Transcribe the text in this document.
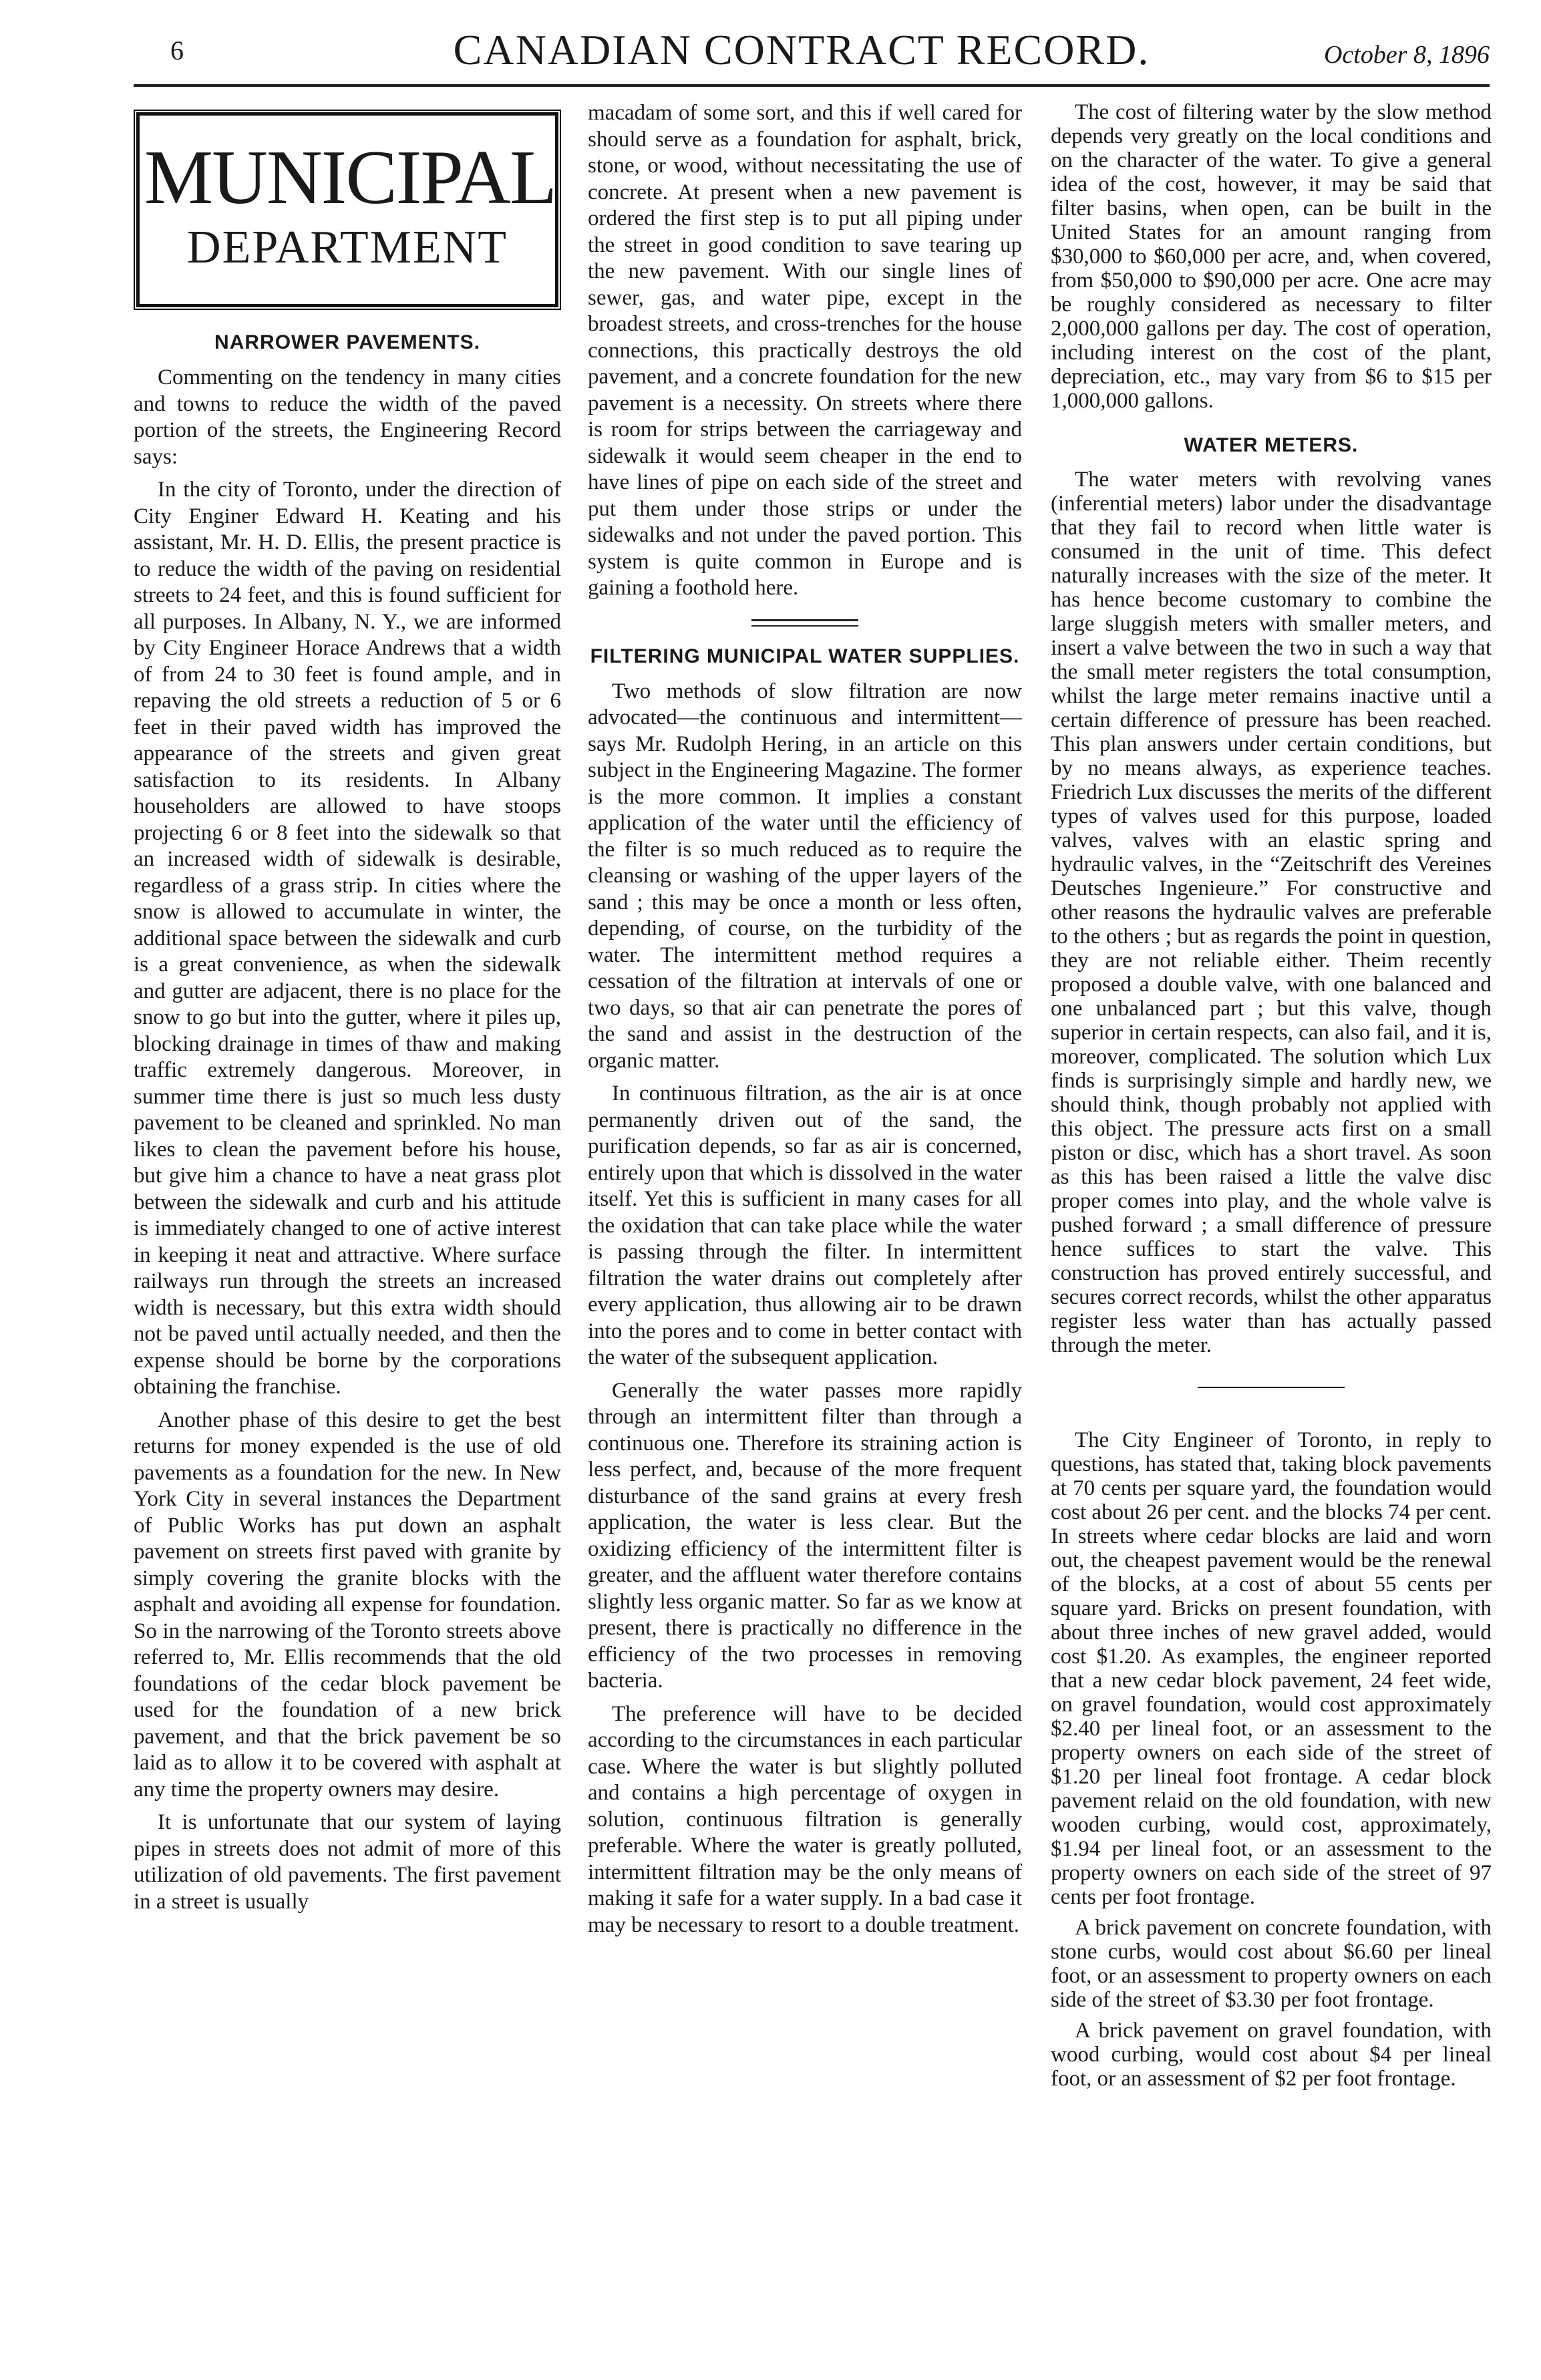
6	CANADIAN CONTRACT RECORD.	October 8, 1896
MUNICIPAL
DEPARTMENT
NARROWER PAVEMENTS.

Commenting on the tendency in many cities and towns to reduce the width of the paved portion of the streets, the Engineering Record says:

In the city of Toronto, under the direction of City Enginer Edward H. Keating and his assistant, Mr. H. D. Ellis, the present practice is to reduce the width of the paving on residential streets to 24 feet, and this is found sufficient for all purposes. In Albany, N. Y., we are informed by City Engineer Horace Andrews that a width of from 24 to 30 feet is found ample, and in repaving the old streets a reduction of 5 or 6 feet in their paved width has improved the appearance of the streets and given great satisfaction to its residents. In Albany householders are allowed to have stoops projecting 6 or 8 feet into the sidewalk so that an increased width of sidewalk is desirable, regardless of a grass strip. In cities where the snow is allowed to accumulate in winter, the additional space between the sidewalk and curb is a great convenience, as when the sidewalk and gutter are adjacent, there is no place for the snow to go but into the gutter, where it piles up, blocking drainage in times of thaw and making traffic extremely dangerous. Moreover, in summer time there is just so much less dusty pavement to be cleaned and sprinkled. No man likes to clean the pavement before his house, but give him a chance to have a neat grass plot between the sidewalk and curb and his attitude is immediately changed to one of active interest in keeping it neat and attractive. Where surface railways run through the streets an increased width is necessary, but this extra width should not be paved until actually needed, and then the expense should be borne by the corporations obtaining the franchise.

Another phase of this desire to get the best returns for money expended is the use of old pavements as a foundation for the new. In New York City in several instances the Department of Public Works has put down an asphalt pavement on streets first paved with granite by simply covering the granite blocks with the asphalt and avoiding all expense for foundation. So in the narrowing of the Toronto streets above referred to, Mr. Ellis recommends that the old foundations of the cedar block pavement be used for the foundation of a new brick pavement, and that the brick pavement be so laid as to allow it to be covered with asphalt at any time the property owners may desire.

It is unfortunate that our system of laying pipes in streets does not admit of more of this utilization of old pavements. The first pavement in a street is usually

macadam of some sort, and this if well cared for should serve as a foundation for asphalt, brick, stone, or wood, without necessitating the use of concrete. At present when a new pavement is ordered the first step is to put all piping under the street in good condition to save tearing up the new pavement. With our single lines of sewer, gas, and water pipe, except in the broadest streets, and cross-trenches for the house connections, this practically destroys the old pavement, and a concrete foundation for the new pavement is a necessity. On streets where there is room for strips between the carriageway and sidewalk it would seem cheaper in the end to have lines of pipe on each side of the street and put them under those strips or under the sidewalks and not under the paved portion. This system is quite common in Europe and is gaining a foothold here.

FILTERING MUNICIPAL WATER SUPPLIES.

Two methods of slow filtration are now advocated—the continuous and intermittent—says Mr. Rudolph Hering, in an article on this subject in the Engineering Magazine. The former is the more common. It implies a constant application of the water until the efficiency of the filter is so much reduced as to require the cleansing or washing of the upper layers of the sand ; this may be once a month or less often, depending, of course, on the turbidity of the water. The intermittent method requires a cessation of the filtration at intervals of one or two days, so that air can penetrate the pores of the sand and assist in the destruction of the organic matter.

In continuous filtration, as the air is at once permanently driven out of the sand, the purification depends, so far as air is concerned, entirely upon that which is dissolved in the water itself. Yet this is sufficient in many cases for all the oxidation that can take place while the water is passing through the filter. In intermittent filtration the water drains out completely after every application, thus allowing air to be drawn into the pores and to come in better contact with the water of the subsequent application.

Generally the water passes more rapidly through an intermittent filter than through a continuous one. Therefore its straining action is less perfect, and, because of the more frequent disturbance of the sand grains at every fresh application, the water is less clear. But the oxidizing efficiency of the intermittent filter is greater, and the affluent water therefore contains slightly less organic matter. So far as we know at present, there is practically no difference in the efficiency of the two processes in removing bacteria.

The preference will have to be decided according to the circumstances in each particular case. Where the water is but slightly polluted and contains a high percentage of oxygen in solution, continuous filtration is generally preferable. Where the water is greatly polluted, intermittent filtration may be the only means of making it safe for a water supply. In a bad case it may be necessary to resort to a double treatment.

The cost of filtering water by the slow method depends very greatly on the local conditions and on the character of the water. To give a general idea of the cost, however, it may be said that filter basins, when open, can be built in the United States for an amount ranging from $30,000 to $60,000 per acre, and, when covered, from $50,000 to $90,000 per acre. One acre may be roughly considered as necessary to filter 2,000,000 gallons per day. The cost of operation, including interest on the cost of the plant, depreciation, etc., may vary from $6 to $15 per 1,000,000 gallons.

WATER METERS.

The water meters with revolving vanes (inferential meters) labor under the disadvantage that they fail to record when little water is consumed in the unit of time. This defect naturally increases with the size of the meter. It has hence become customary to combine the large sluggish meters with smaller meters, and insert a valve between the two in such a way that the small meter registers the total consumption, whilst the large meter remains inactive until a certain difference of pressure has been reached. This plan answers under certain conditions, but by no means always, as experience teaches. Friedrich Lux discusses the merits of the different types of valves used for this purpose, loaded valves, valves with an elastic spring and hydraulic valves, in the “Zeitschrift des Vereines Deutsches Ingenieure.” For constructive and other reasons the hydraulic valves are preferable to the others ; but as regards the point in question, they are not reliable either. Theim recently proposed a double valve, with one balanced and one unbalanced part ; but this valve, though superior in certain respects, can also fail, and it is, moreover, complicated. The solution which Lux finds is surprisingly simple and hardly new, we should think, though probably not applied with this object. The pressure acts first on a small piston or disc, which has a short travel. As soon as this has been raised a little the valve disc proper comes into play, and the whole valve is pushed forward ; a small difference of pressure hence suffices to start the valve. This construction has proved entirely successful, and secures correct records, whilst the other apparatus register less water than has actually passed through the meter.

The City Engineer of Toronto, in reply to questions, has stated that, taking block pavements at 70 cents per square yard, the foundation would cost about 26 per cent. and the blocks 74 per cent. In streets where cedar blocks are laid and worn out, the cheapest pavement would be the renewal of the blocks, at a cost of about 55 cents per square yard. Bricks on present foundation, with about three inches of new gravel added, would cost $1.20. As examples, the engineer reported that a new cedar block pavement, 24 feet wide, on gravel foundation, would cost approximately $2.40 per lineal foot, or an assessment to the property owners on each side of the street of $1.20 per lineal foot frontage. A cedar block pavement relaid on the old foundation, with new wooden curbing, would cost, approximately, $1.94 per lineal foot, or an assessment to the property owners on each side of the street of 97 cents per foot frontage.

A brick pavement on concrete foundation, with stone curbs, would cost about $6.60 per lineal foot, or an assessment to property owners on each side of the street of $3.30 per foot frontage.

A brick pavement on gravel foundation, with wood curbing, would cost about $4 per lineal foot, or an assessment of $2 per foot frontage.
